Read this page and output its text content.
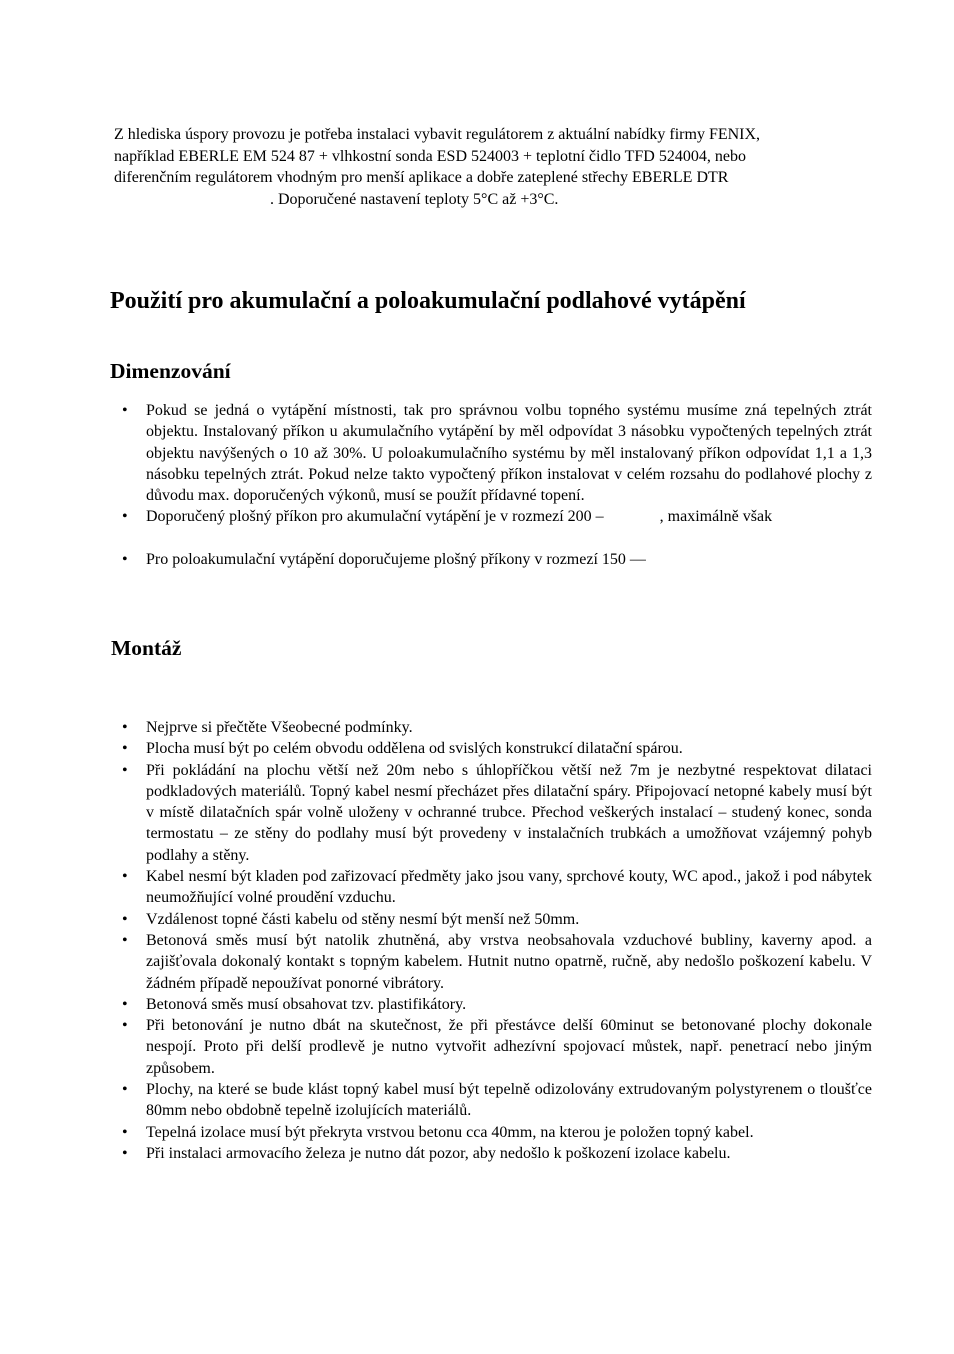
Z hlediska úspory provozu je potřeba instalaci vybavit regulátorem z aktuální nabídky firmy FENIX,
například EBERLE EM 524 87 + vlhkostní sonda ESD 524003 + teplotní čidlo TFD 524004, nebo
diferenčním regulátorem vhodným pro menší aplikace a dobře zateplené střechy EBERLE DTR
. Doporučené nastavení teploty 5°C až +3°C.
Použití pro akumulační a poloakumulační podlahové vytápění
Dimenzování
• Pokud se jedná o vytápění místnosti, tak pro správnou volbu topného systému musíme zná tepelných ztrát objektu. Instalovaný příkon u akumulačního vytápění by měl odpovídat 3 násobku vypočtených tepelných ztrát objektu navýšených o 10 až 30%. U poloakumulačního systému by měl instalovaný příkon odpovídat 1,1 a 1,3 násobku tepelných ztrát. Pokud nelze takto vypočtený příkon instalovat v celém rozsahu do podlahové plochy z důvodu max. doporučených výkonů, musí se použít přídavné topení.
• Doporučený plošný příkon pro akumulační vytápění je v rozmezí 200 –              , maximálně však
• Pro poloakumulační vytápění doporučujeme plošný příkony v rozmezí 150 —
Montáž
• Nejprve si přečtěte Všeobecné podmínky.
• Plocha musí být po celém obvodu oddělena od svislých konstrukcí dilatační spárou.
• Při pokládání na plochu větší než 20m nebo s úhlopříčkou větší než 7m je nezbytné respektovat dilataci podkladových materiálů. Topný kabel nesmí přecházet přes dilatační spáry. Připojovací netopné kabely musí být v místě dilatačních spár volně uloženy v ochranné trubce. Přechod veškerých instalací – studený konec, sonda termostatu – ze stěny do podlahy musí být provedeny v instalačních trubkách a umožňovat vzájemný pohyb podlahy a stěny.
• Kabel nesmí být kladen pod zařizovací předměty jako jsou vany, sprchové kouty, WC apod., jakož i pod nábytek neumožňující volné proudění vzduchu.
• Vzdálenost topné části kabelu od stěny nesmí být menší než 50mm.
• Betonová směs musí být natolik zhutněná, aby vrstva neobsahovala vzduchové bubliny, kaverny apod. a zajišťovala dokonalý kontakt s topným kabelem. Hutnit nutno opatrně, ručně, aby nedošlo poškození kabelu. V žádném případě nepoužívat ponorné vibrátory.
• Betonová směs musí obsahovat tzv. plastifikátory.
• Při betonování je nutno dbát na skutečnost, že při přestávce delší 60minut se betonované plochy dokonale nespojí. Proto při delší prodlevě je nutno vytvořit adhezívní spojovací můstek, např. penetrací nebo jiným způsobem.
• Plochy, na které se bude klást topný kabel musí být tepelně odizolovány extrudovaným polystyrenem o tloušťce 80mm nebo obdobně tepelně izolujících materiálů.
• Tepelná izolace musí být překryta vrstvou betonu cca 40mm, na kterou je položen topný kabel.
• Při instalaci armovacího železa je nutno dát pozor, aby nedošlo k poškození izolace kabelu.
